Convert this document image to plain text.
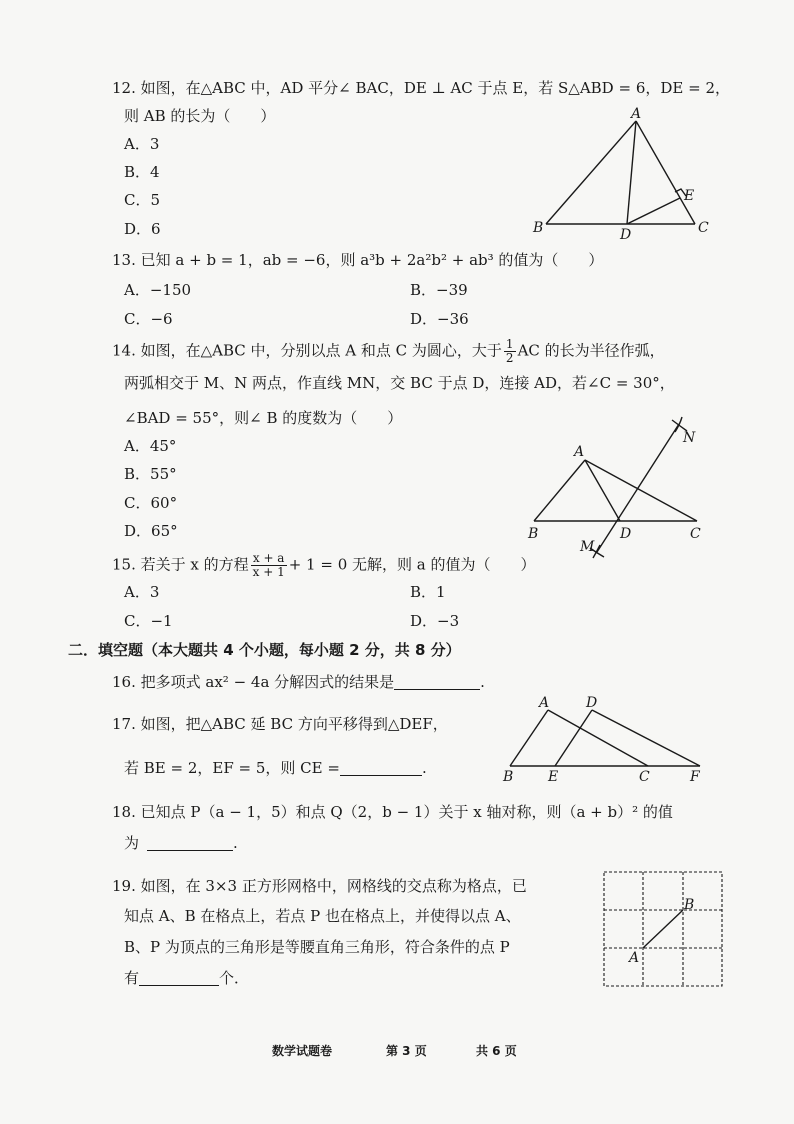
12. 如图，在△ABC 中，AD 平分∠ BAC，DE ⊥ AC 于点 E，若 S△ABD = 6，DE = 2，
则 AB 的长为（　　）
A．3
B．4
C．5
D．6
A
B	C
D
E
13. 已知 a + b = 1，ab = −6，则 a³b + 2a²b² + ab³ 的值为（　　）
A．−150	B．−39
C．−6	D．−36
14. 如图，在△ABC 中，分别以点 A 和点 C 为圆心，大于 $\frac{1}{2}$ AC 的长为半径作弧，
两弧相交于 M、N 两点，作直线 MN，交 BC 于点 D，连接 AD，若∠C = 30°，
∠BAD = 55°，则∠ B 的度数为（　　）
A．45°
B．55°
C．60°
D．65°
A
B	C
D
M
N
15. 若关于 x 的方程 $\frac{x + a}{x + 1} + 1 = 0$ 无解，则 a 的值为（　　）
A．3	B．1
C．−1	D．−3
二．填空题（本大题共 4 个小题，每小题 2 分，共 8 分）
16. 把多项式 ax² − 4a 分解因式的结果是	.
17. 如图，把△ABC 延 BC 方向平移得到△DEF，
若 BE = 2，EF = 5，则 CE =	.
A
B	C
D
E	F
18. 已知点 P（a − 1，5）和点 Q（2，b − 1）关于 x 轴对称，则（a + b）² 的值
为	.
19. 如图，在 3×3 正方形网格中，网格线的交点称为格点，已
知点 A、B 在格点上，若点 P 也在格点上，并使得以点 A、
B、P 为顶点的三角形是等腰直角三角形，符合条件的点 P
有	个．
A
B
数学试题卷	第 3 页	共 6 页
